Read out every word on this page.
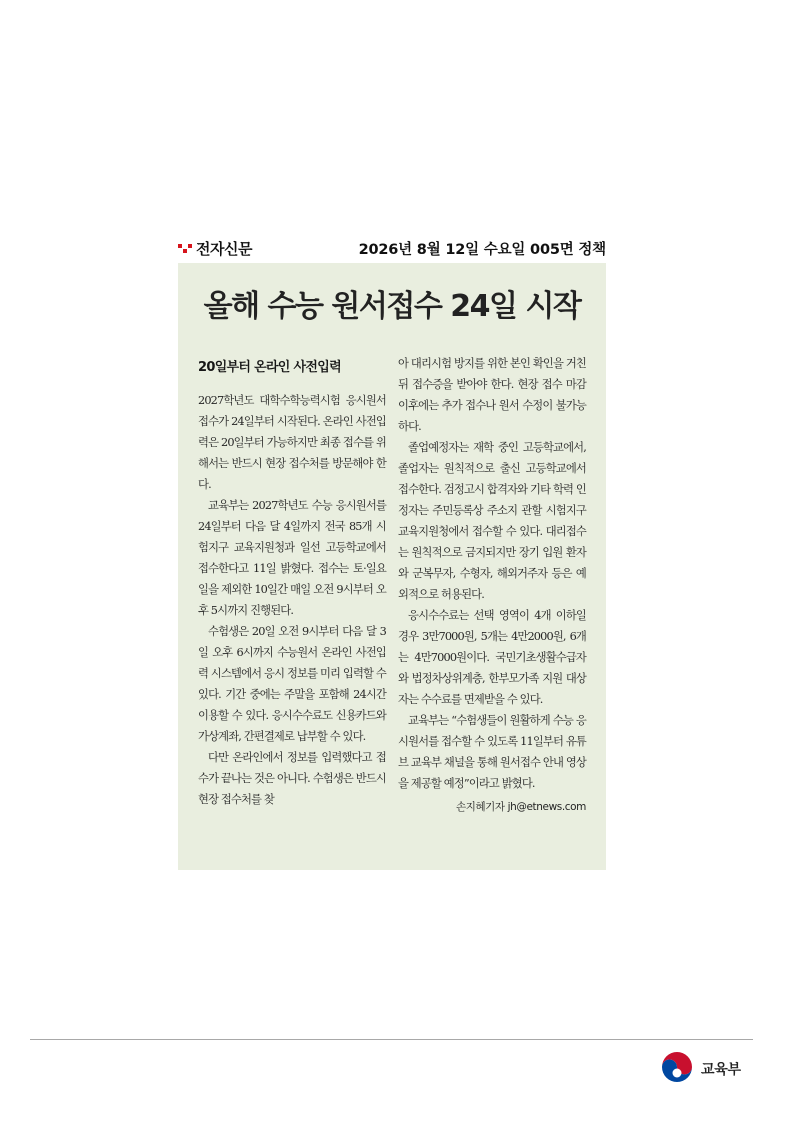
전자신문	2026년 8월 12일 수요일 005면 정책
올해 수능 원서접수 24일 시작
20일부터 온라인 사전입력

2027학년도 대학수학능력시험 응시원서 접수가 24일부터 시작된다. 온라인 사전입력은 20일부터 가능하지만 최종 접수를 위해서는 반드시 현장 접수처를 방문해야 한다.

교육부는 2027학년도 수능 응시원서를 24일부터 다음 달 4일까지 전국 85개 시험지구 교육지원청과 일선 고등학교에서 접수한다고 11일 밝혔다. 접수는 토·일요일을 제외한 10일간 매일 오전 9시부터 오후 5시까지 진행된다.

수험생은 20일 오전 9시부터 다음 달 3일 오후 6시까지 수능원서 온라인 사전입력 시스템에서 응시 정보를 미리 입력할 수 있다. 기간 중에는 주말을 포함해 24시간 이용할 수 있다. 응시수수료도 신용카드와 가상계좌, 간편결제로 납부할 수 있다.

다만 온라인에서 정보를 입력했다고 접수가 끝나는 것은 아니다. 수험생은 반드시 현장 접수처를 찾

아 대리시험 방지를 위한 본인 확인을 거친 뒤 접수증을 받아야 한다. 현장 접수 마감 이후에는 추가 접수나 원서 수정이 불가능하다.

졸업예정자는 재학 중인 고등학교에서, 졸업자는 원칙적으로 출신 고등학교에서 접수한다. 검정고시 합격자와 기타 학력 인정자는 주민등록상 주소지 관할 시험지구 교육지원청에서 접수할 수 있다. 대리접수는 원칙적으로 금지되지만 장기 입원 환자와 군복무자, 수형자, 해외거주자 등은 예외적으로 허용된다.

응시수수료는 선택 영역이 4개 이하일 경우 3만7000원, 5개는 4만2000원, 6개는 4만7000원이다. 국민기초생활수급자와 법정차상위계층, 한부모가족 지원 대상자는 수수료를 면제받을 수 있다.

교육부는 “수험생들이 원활하게 수능 응시원서를 접수할 수 있도록 11일부터 유튜브 교육부 채널을 통해 원서접수 안내 영상을 제공할 예정”이라고 밝혔다.

손지혜기자 jh@etnews.com
교육부
